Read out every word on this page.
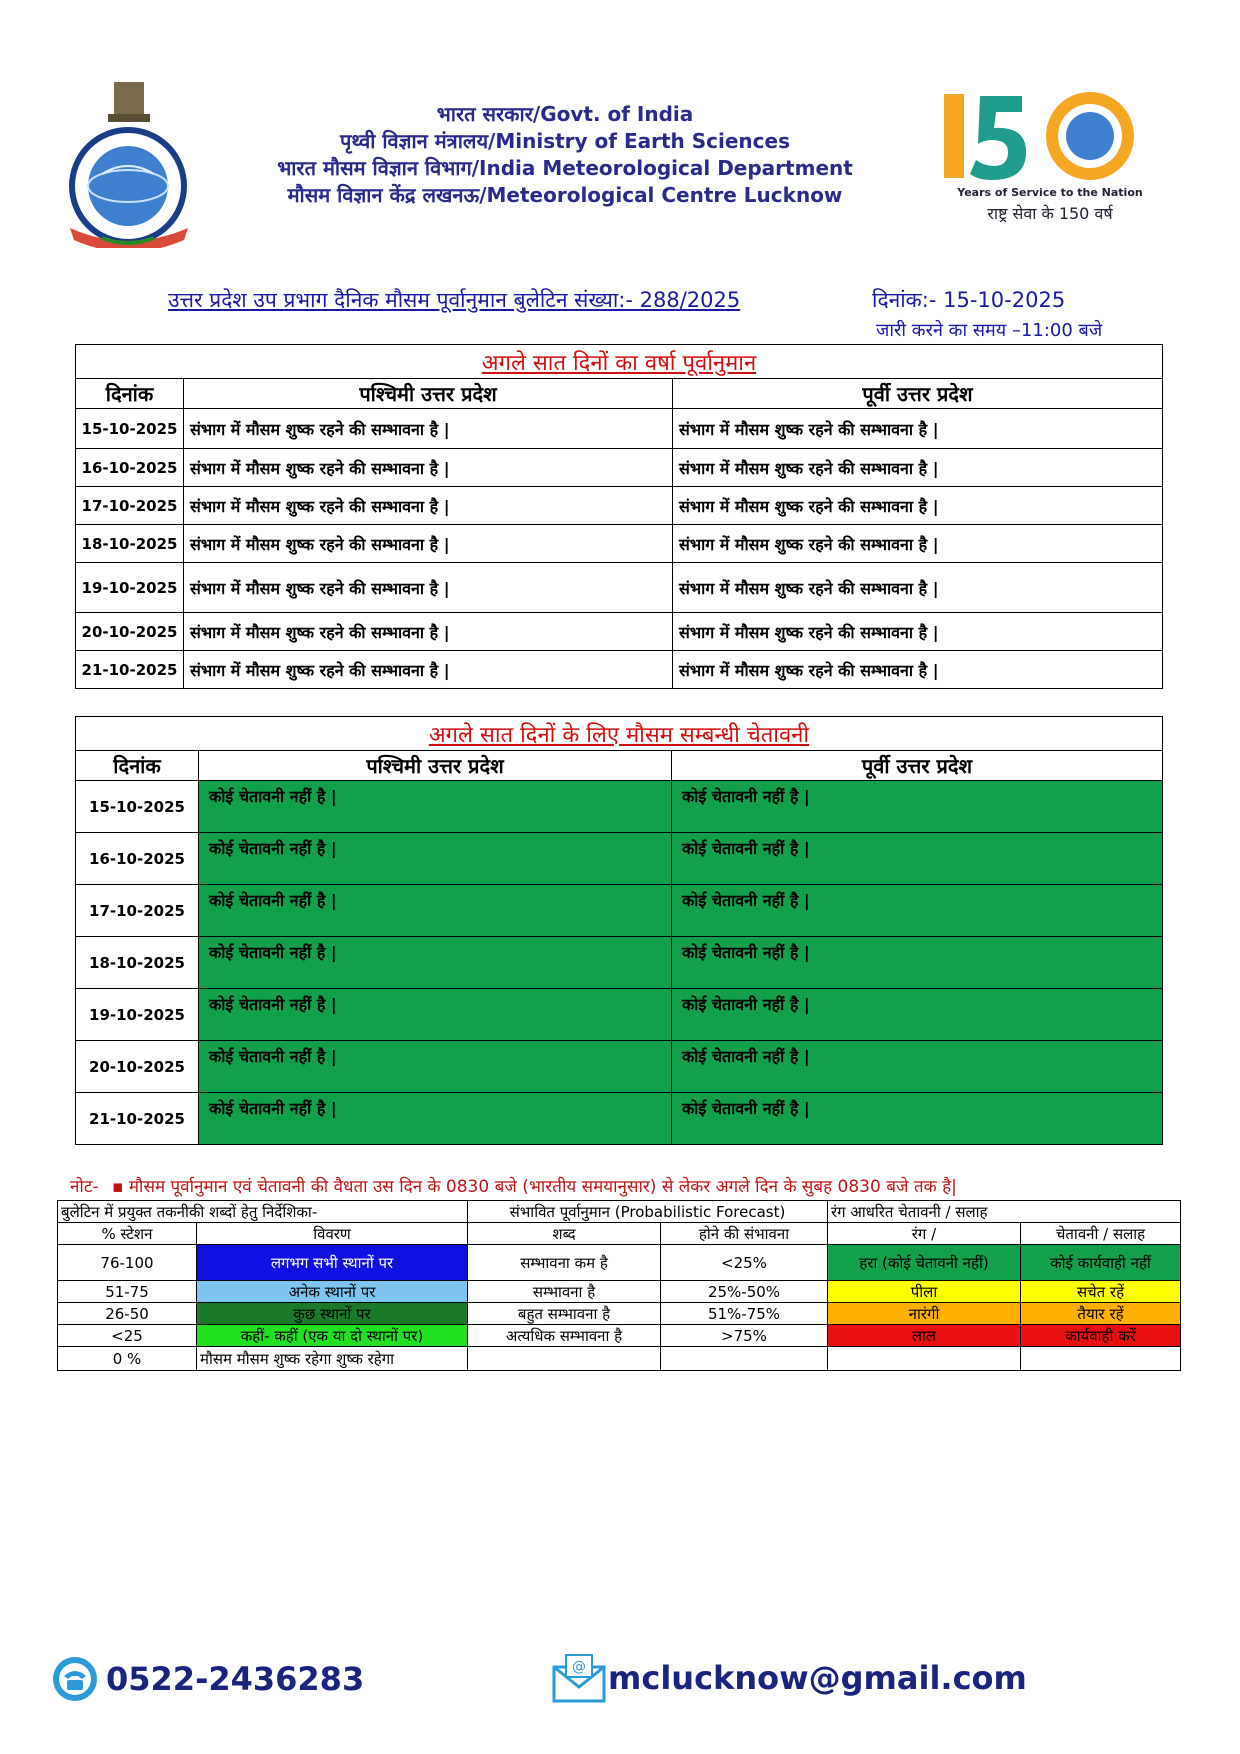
भारत सरकार/Govt. of India
पृथ्वी विज्ञान मंत्रालय/Ministry of Earth Sciences
भारत मौसम विज्ञान विभाग/India Meteorological Department
मौसम विज्ञान केंद्र लखनऊ/Meteorological Centre Lucknow	Years of Service to the Nation
राष्ट्र सेवा के 150 वर्ष
उत्तर प्रदेश उप प्रभाग दैनिक मौसम पूर्वानुमान बुलेटिन संख्या:- 288/2025	दिनांक:- 15-10-2025
जारी करने का समय –11:00 बजे
अगले सात दिनों का वर्षा पूर्वानुमान		
दिनांक	पश्चिमी उत्तर प्रदेश	पूर्वी उत्तर प्रदेश
15-10-2025	संभाग में मौसम शुष्क रहने की सम्भावना है |	संभाग में मौसम शुष्क रहने की सम्भावना है |
16-10-2025	संभाग में मौसम शुष्क रहने की सम्भावना है |	संभाग में मौसम शुष्क रहने की सम्भावना है |
17-10-2025	संभाग में मौसम शुष्क रहने की सम्भावना है |	संभाग में मौसम शुष्क रहने की सम्भावना है |
18-10-2025	संभाग में मौसम शुष्क रहने की सम्भावना है |	संभाग में मौसम शुष्क रहने की सम्भावना है |
19-10-2025	संभाग में मौसम शुष्क रहने की सम्भावना है |	संभाग में मौसम शुष्क रहने की सम्भावना है |
20-10-2025	संभाग में मौसम शुष्क रहने की सम्भावना है |	संभाग में मौसम शुष्क रहने की सम्भावना है |
21-10-2025	संभाग में मौसम शुष्क रहने की सम्भावना है |	संभाग में मौसम शुष्क रहने की सम्भावना है |
अगले सात दिनों के लिए मौसम सम्बन्धी चेतावनी		
दिनांक	पश्चिमी उत्तर प्रदेश	पूर्वी उत्तर प्रदेश
15-10-2025	कोई चेतावनी नहीं है |	कोई चेतावनी नहीं है |
16-10-2025	कोई चेतावनी नहीं है |	कोई चेतावनी नहीं है |
17-10-2025	कोई चेतावनी नहीं है |	कोई चेतावनी नहीं है |
18-10-2025	कोई चेतावनी नहीं है |	कोई चेतावनी नहीं है |
19-10-2025	कोई चेतावनी नहीं है |	कोई चेतावनी नहीं है |
20-10-2025	कोई चेतावनी नहीं है |	कोई चेतावनी नहीं है |
21-10-2025	कोई चेतावनी नहीं है |	कोई चेतावनी नहीं है |
नोट- ▪ मौसम पूर्वानुमान एवं चेतावनी की वैधता उस दिन के 0830 बजे (भारतीय समयानुसार) से लेकर अगले दिन के सुबह 0830 बजे तक है|
बुलेटिन में प्रयुक्त तकनीकी शब्दों हेतु निर्देशिका-		संभावित पूर्वानुमान (Probabilistic Forecast)		रंग आधरित चेतावनी / सलाह	
% स्टेशन	विवरण	शब्द	होने की संभावना	रंग /	चेतावनी / सलाह
76-100	लगभग सभी स्थानों पर	सम्भावना कम है	<25%	हरा (कोई चेतावनी नहीं)	कोई कार्यवाही नहीं
51-75	अनेक स्थानों पर	सम्भावना है	25%-50%	पीला	सचेत रहें
26-50	कुछ स्थानों पर	बहुत सम्भावना है	51%-75%	नारंगी	तैयार रहें
<25	कहीं- कहीं (एक या दो स्थानों पर)	अत्यधिक सम्भावना है	>75%	लाल	कार्यवाही करें
0 %	मौसम मौसम शुष्क रहेगा शुष्क रहेगा				
0522-2436283	@ mclucknow@gmail.com
